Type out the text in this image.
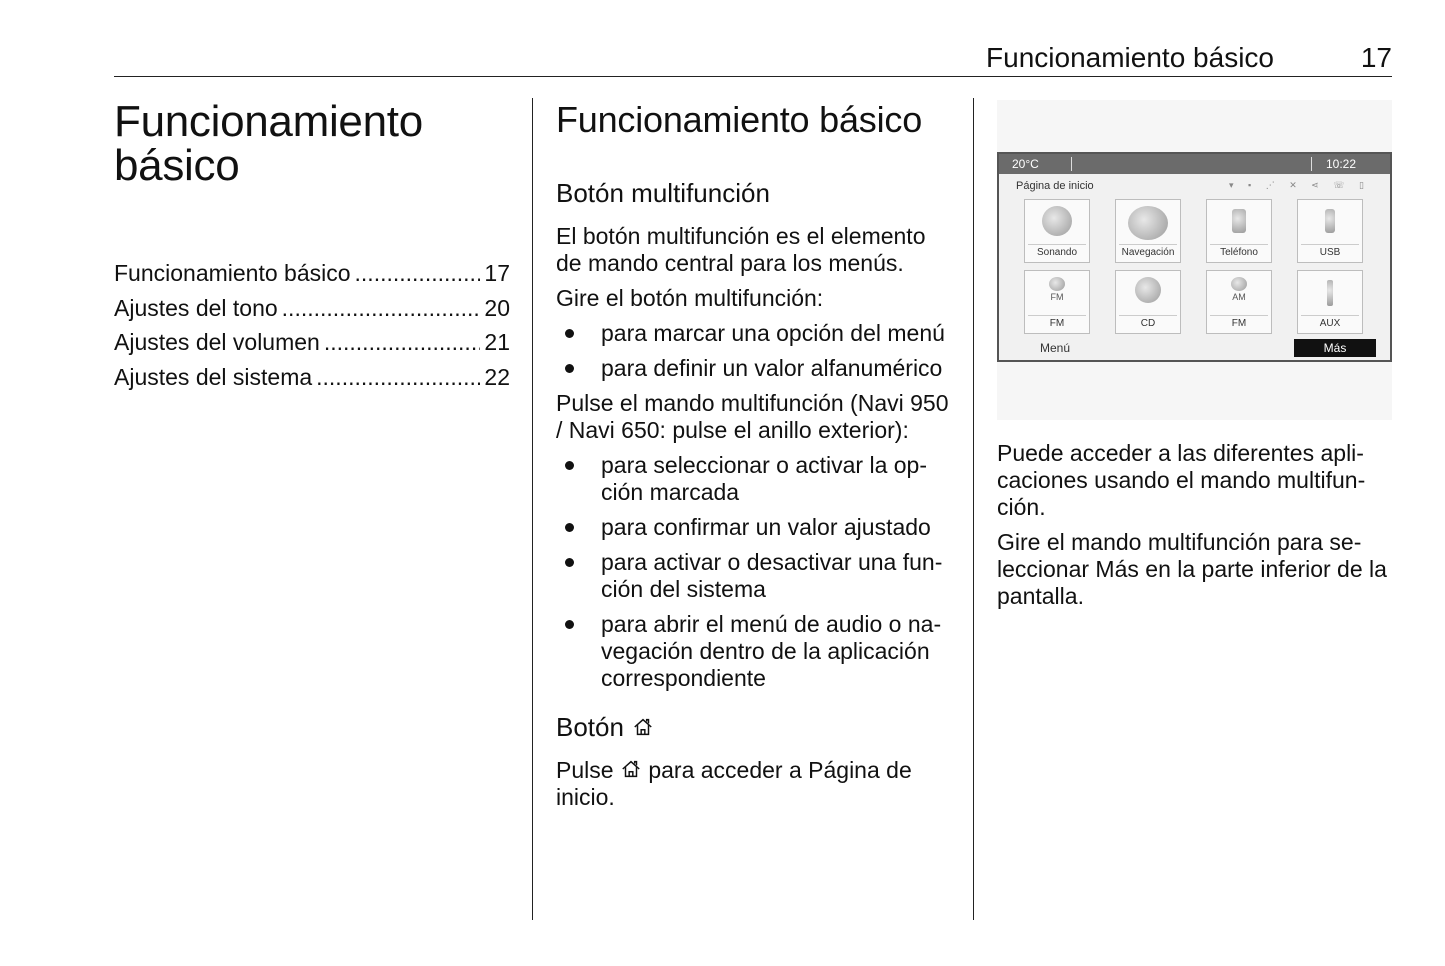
Funcionamiento básico	17
Funcionamiento
básico
Funcionamiento básico .....	17
Ajustes del tono .....	20
Ajustes del volumen .....	21
Ajustes del sistema .....	22
Funcionamiento básico
Botón multifunción

El botón multifunción es el elemento de mando central para los menús.

Gire el botón multifunción:

para marcar una opción del menú
para definir un valor alfanumérico

Pulse el mando multifunción (Navi 950 / Navi 650: pulse el anillo exterior):

para seleccionar o activar la opción marcada
para confirmar un valor ajustado
para activar o desactivar una función del sistema
para abrir el menú de audio o navegación dentro de la aplicación correspondiente
Botón

Pulse para acceder a Página de inicio.

20°C	10:22
Página de inicio	▾ ▪ ⋰ ✕ ⋖ ☏ ▯
Sonando	Navegación	Teléfono	USB
FM
FM	CD
AM
FM	AUX
Menú	Más

Puede acceder a las diferentes aplicaciones usando el mando multifunción.

Gire el mando multifunción para seleccionar Más en la parte inferior de la pantalla.
